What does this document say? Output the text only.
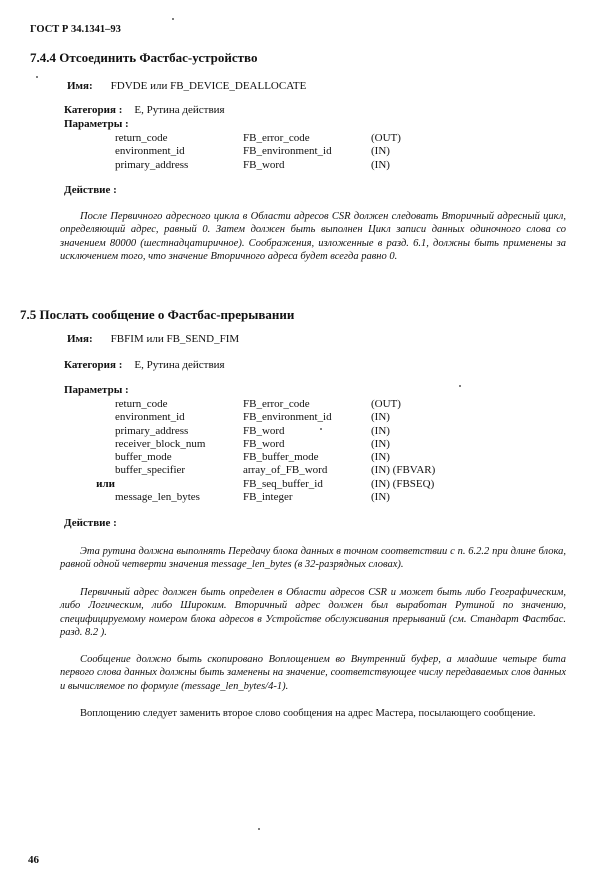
ГОСТ Р 34.1341–93
7.4.4 Отсоединить Фастбас-устройство
Имя: FDVDE или FB_DEVICE_DEALLOCATE
Категория : Е, Рутина действия
Параметры :
	return_code	FB_error_code	(OUT)
	environment_id	FB_environment_id	(IN)
	primary_address	FB_word	(IN)
Действие :
После Первичного адресного цикла в Области адресов CSR должен следовать Вторичный адресный цикл, определяющий адрес, равный 0. Затем должен быть выполнен Цикл записи данных одиночного слова со значением 80000 (шестнадцатиричное). Соображения, изложенные в разд. 6.1, должны быть применены за исключением того, что значение Вторичного адреса будет всегда равно 0.
7.5 Послать сообщение о Фастбас-прерывании
Имя: FBFIM или FB_SEND_FIM
Категория : Е, Рутина действия
Параметры :
	return_code	FB_error_code	(OUT)
	environment_id	FB_environment_id	(IN)
	primary_address	FB_word	(IN)
	receiver_block_num	FB_word	(IN)
	buffer_mode	FB_buffer_mode	(IN)
	buffer_specifier	array_of_FB_word	(IN) (FBVAR)
или		FB_seq_buffer_id	(IN) (FBSEQ)
	message_len_bytes	FB_integer	(IN)
Действие :
Эта рутина должна выполнять Передачу блока данных в точном соответствии с п. 6.2.2 при длине блока, равной одной четверти значения message_len_bytes (в 32-разрядных словах).
Первичный адрес должен быть определен в Области адресов CSR и может быть либо Географическим, либо Логическим, либо Широким. Вторичный адрес должен был выработан Рутиной по значению, специфицируемому номером блока адресов в Устройстве обслуживания прерываний (см. Стандарт Фастбас. разд. 8.2 ).
Сообщение должно быть скопировано Воплощением во Внутренний буфер, а младшие четыре бита первого слова данных должны быть заменены на значение, соответствующее числу передаваемых слов данных и вычисляемое по формуле (message_len_bytes/4-1).
Воплощению следует заменить второе слово сообщения на адрес Мастера, посылающего сообщение.
46
